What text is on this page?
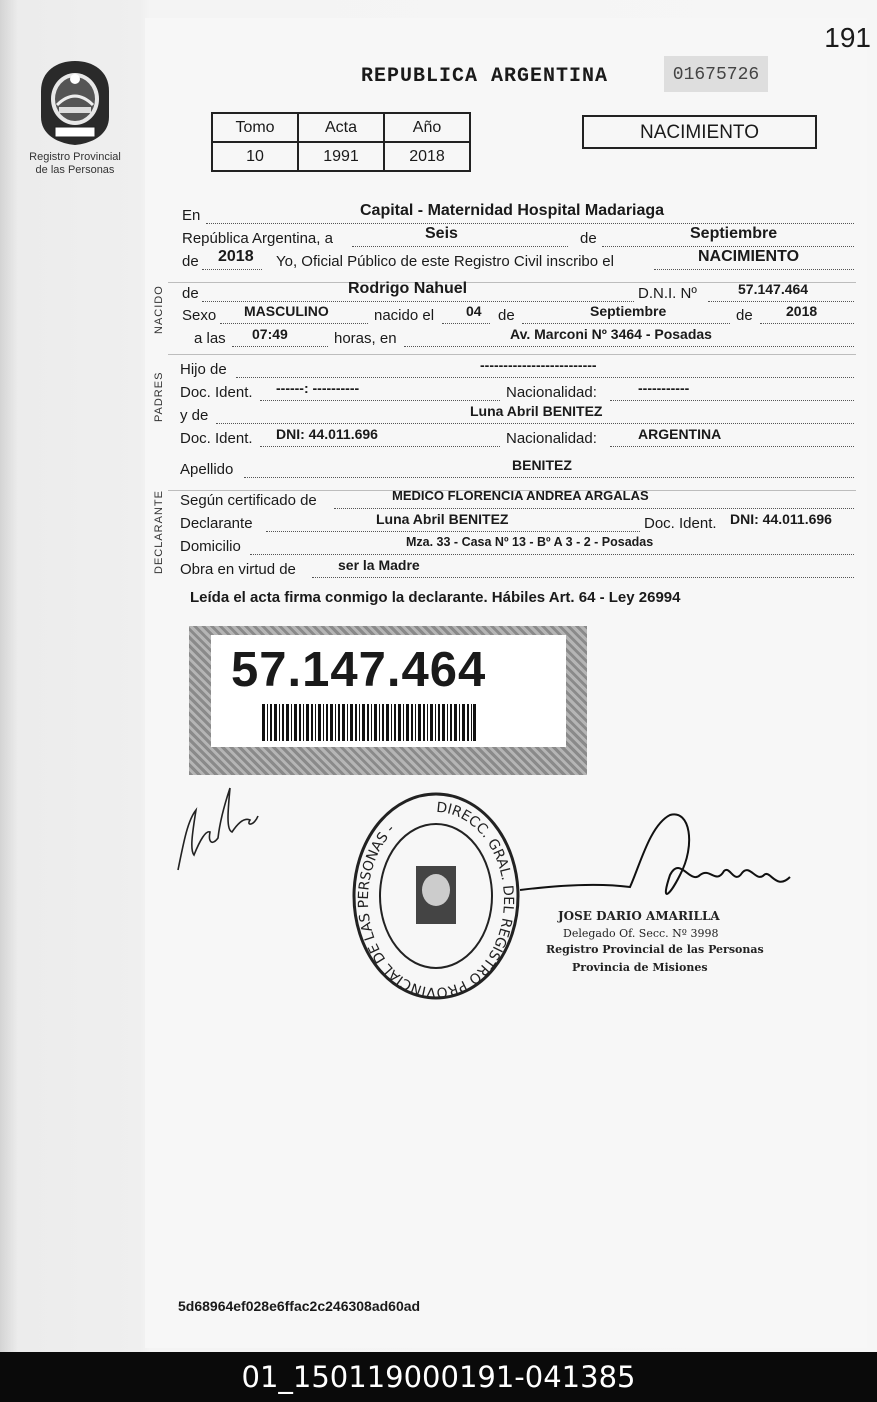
191
Registro Provincial
de las Personas
REPUBLICA ARGENTINA	01675726
Tomo	Acta	Año
10	1991	2018
NACIMIENTO
NACIDO
PADRES
DECLARANTE
En	Capital - Maternidad Hospital Madariaga
República Argentina, a	Seis	de	Septiembre
de 2018 Yo, Oficial Público de este Registro Civil inscribo el	NACIMIENTO
de	Rodrigo Nahuel	D.N.I. Nº	57.147.464
Sexo MASCULINO	nacido el 04 de	Septiembre	de 2018
a las 07:49	horas, en	Av. Marconi Nº 3464 - Posadas
Hijo de	-------------------------
Doc. Ident. ------: ----------	Nacionalidad:	-----------
y de	Luna Abril BENITEZ
Doc. Ident. DNI: 44.011.696	Nacionalidad:	ARGENTINA
Apellido	BENITEZ
Según certificado de	MEDICO FLORENCIA ANDREA ARGALAS
Declarante	Luna Abril BENITEZ	Doc. Ident. DNI: 44.011.696
Domicilio	Mza. 33 - Casa Nº 13 - Bº A 3 - 2 - Posadas
Obra en virtud de	ser la Madre
Leída el acta firma conmigo la declarante. Hábiles Art. 64 - Ley 26994
57.147.464
DIRECC. GRAL. DEL REGISTRO PROVINCIAL DE LAS PERSONAS -
JOSE DARIO AMARILLA
Delegado Of. Secc. Nº 3998
Registro Provincial de las Personas
Provincia de Misiones
5d68964ef028e6ffac2c246308ad60ad
01_150119000191-041385
